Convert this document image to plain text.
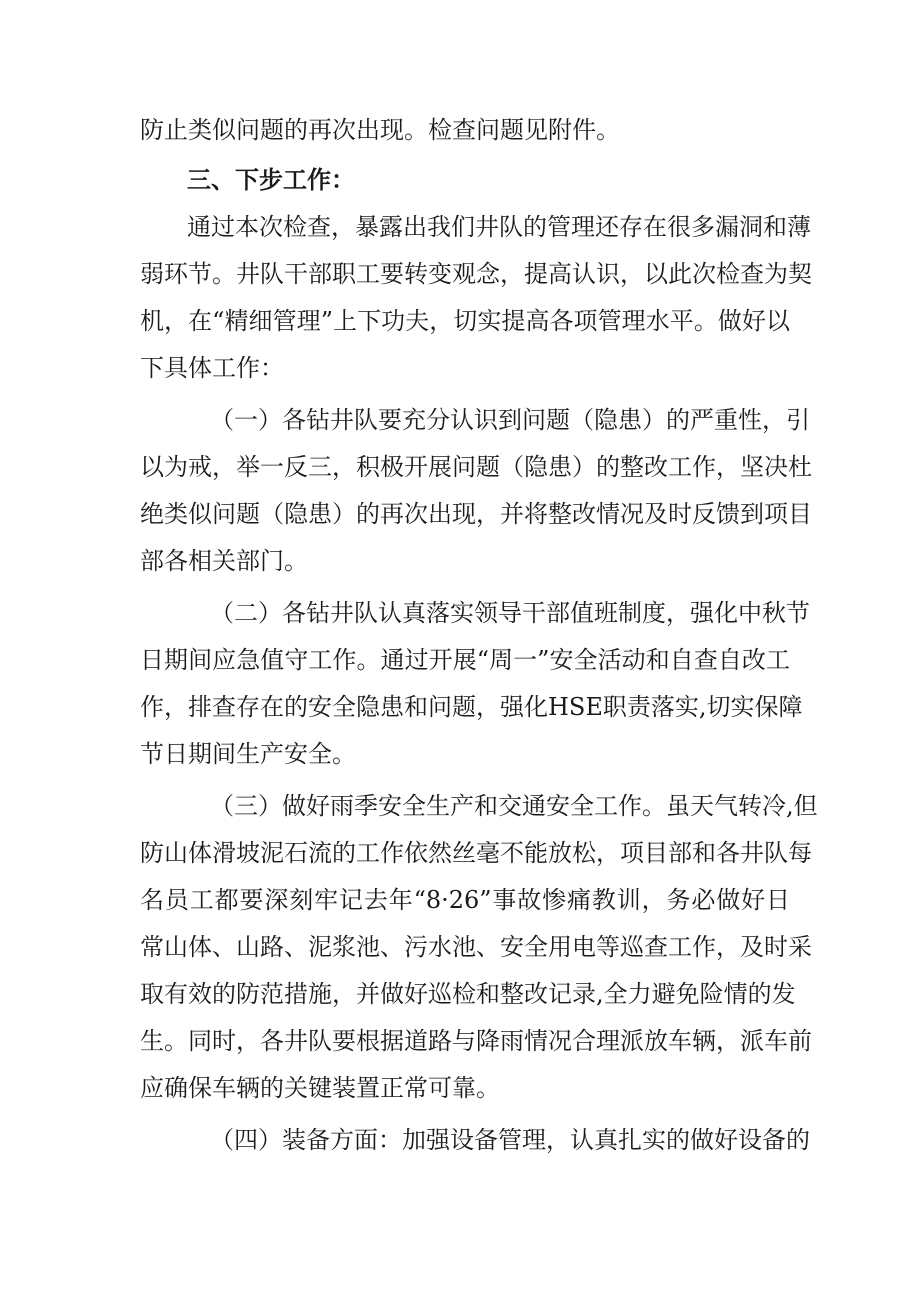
防止类似问题的再次出现。检查问题见附件。
三、下步工作：
通过本次检查，暴露出我们井队的管理还存在很多漏洞和薄
弱环节。井队干部职工要转变观念，提高认识，以此次检查为契
机，在“精细管理”上下功夫，切实提高各项管理水平。做好以
下具体工作：
（一）各钻井队要充分认识到问题（隐患）的严重性，引
以为戒，举一反三，积极开展问题（隐患）的整改工作，坚决杜
绝类似问题（隐患）的再次出现，并将整改情况及时反馈到项目
部各相关部门。
（二）各钻井队认真落实领导干部值班制度，强化中秋节
日期间应急值守工作。通过开展“周一”安全活动和自查自改工
作，排查存在的安全隐患和问题，强化HSE职责落实,切实保障
节日期间生产安全。
（三）做好雨季安全生产和交通安全工作。虽天气转冷,但
防山体滑坡泥石流的工作依然丝毫不能放松，项目部和各井队每
名员工都要深刻牢记去年“8·26”事故惨痛教训，务必做好日
常山体、山路、泥浆池、污水池、安全用电等巡查工作，及时采
取有效的防范措施，并做好巡检和整改记录,全力避免险情的发
生。同时，各井队要根据道路与降雨情况合理派放车辆，派车前
应确保车辆的关键装置正常可靠。
（四）装备方面：加强设备管理，认真扎实的做好设备的
